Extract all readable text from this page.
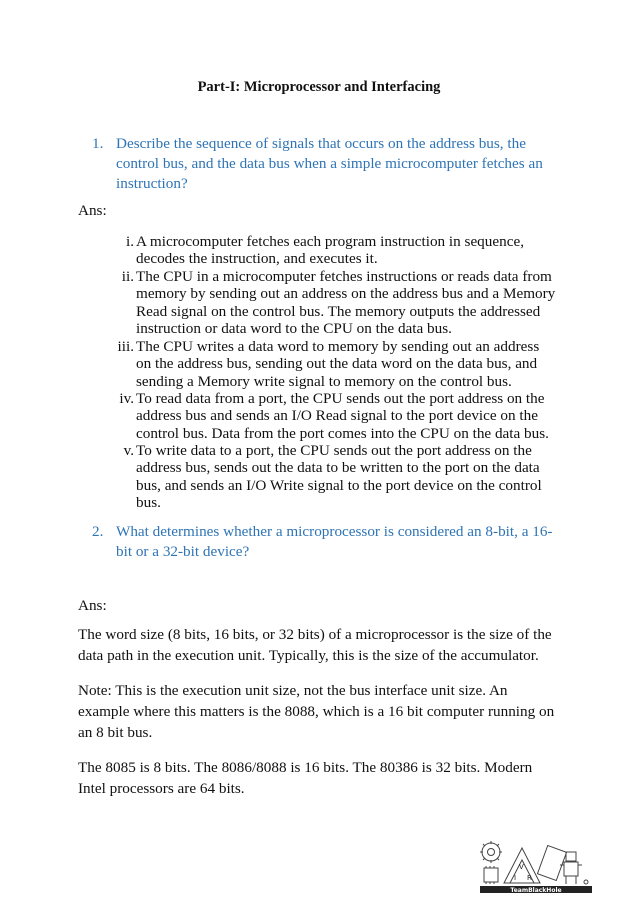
Part-I: Microprocessor and Interfacing
1. Describe the sequence of signals that occurs on the address bus, the control bus, and the data bus when a simple microcomputer fetches an instruction?
Ans:
i. A microcomputer fetches each program instruction in sequence, decodes the instruction, and executes it.
ii. The CPU in a microcomputer fetches instructions or reads data from memory by sending out an address on the address bus and a Memory Read signal on the control bus. The memory outputs the addressed instruction or data word to the CPU on the data bus.
iii. The CPU writes a data word to memory by sending out an address on the address bus, sending out the data word on the data bus, and sending a Memory write signal to memory on the control bus.
iv. To read data from a port, the CPU sends out the port address on the address bus and sends an I/O Read signal to the port device on the control bus. Data from the port comes into the CPU on the data bus.
v. To write data to a port, the CPU sends out the port address on the address bus, sends out the data to be written to the port on the data bus, and sends an I/O Write signal to the port device on the control bus.
2. What determines whether a microprocessor is considered an 8-bit, a 16-bit or a 32-bit device?
Ans:
The word size (8 bits, 16 bits, or 32 bits) of a microprocessor is the size of the data path in the execution unit. Typically, this is the size of the accumulator.
Note: This is the execution unit size, not the bus interface unit size. An example where this matters is the 8088, which is a 16 bit computer running on an 8 bit bus.
The 8085 is 8 bits. The 8086/8088 is 16 bits. The 80386 is 32 bits. Modern Intel processors are 64 bits.
I
V
R
TeamBlackHole
